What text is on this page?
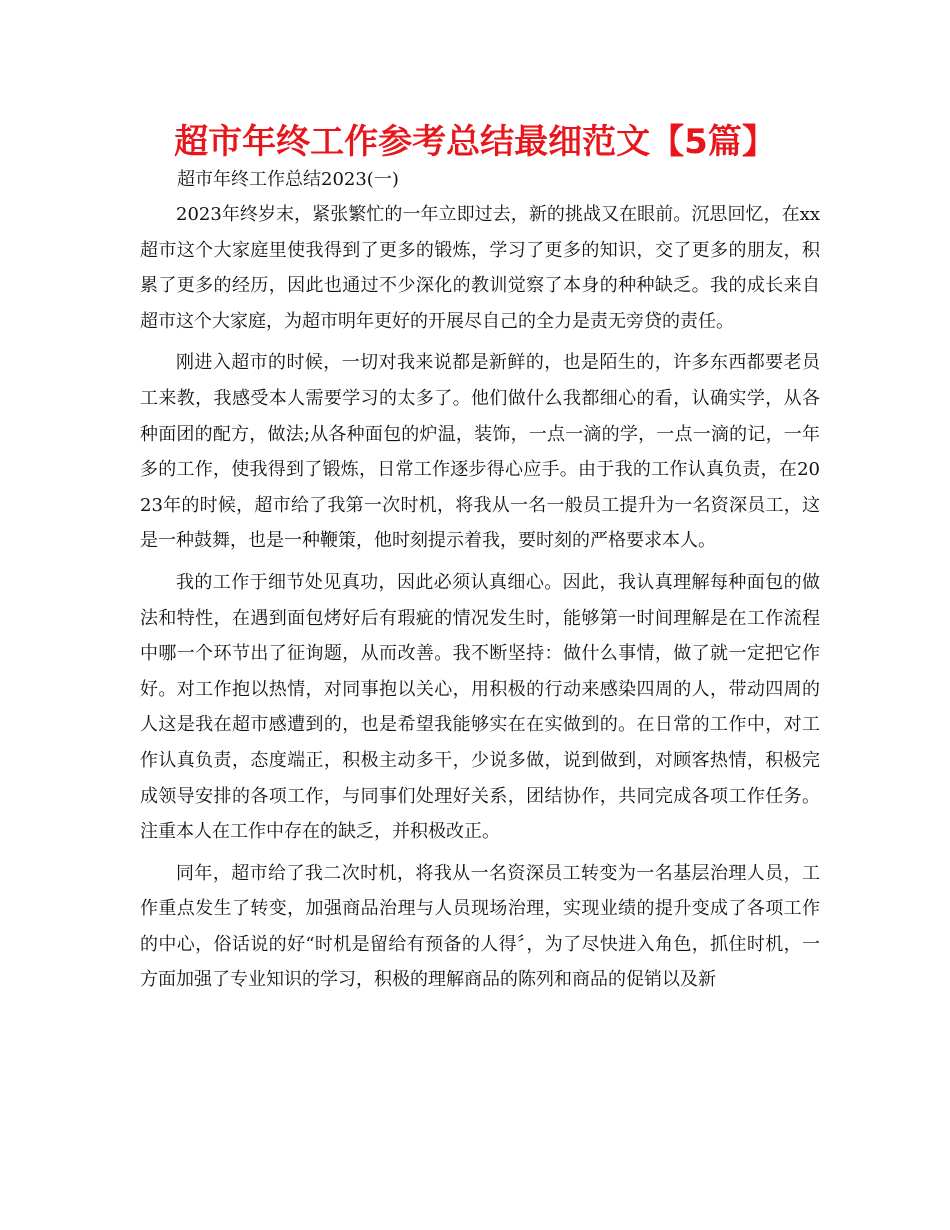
超市年终工作参考总结最细范文【5篇】

超市年终工作总结2023(一)

2023年终岁末，紧张繁忙的一年立即过去，新的挑战又在眼前。沉思回忆，在xx超市这个大家庭里使我得到了更多的锻炼，学习了更多的知识，交了更多的朋友，积累了更多的经历，因此也通过不少深化的教训觉察了本身的种种缺乏。我的成长来自超市这个大家庭，为超市明年更好的开展尽自己的全力是责无旁贷的责任。

刚进入超市的时候，一切对我来说都是新鲜的，也是陌生的，许多东西都要老员工来教，我感受本人需要学习的太多了。他们做什么我都细心的看，认确实学，从各种面团的配方，做法;从各种面包的炉温，装饰，一点一滴的学，一点一滴的记，一年多的工作，使我得到了锻炼，日常工作逐步得心应手。由于我的工作认真负责，在2023年的时候，超市给了我第一次时机，将我从一名一般员工提升为一名资深员工，这是一种鼓舞，也是一种鞭策，他时刻提示着我，要时刻的严格要求本人。

我的工作于细节处见真功，因此必须认真细心。因此，我认真理解每种面包的做法和特性，在遇到面包烤好后有瑕疵的情况发生时，能够第一时间理解是在工作流程中哪一个环节出了征询题，从而改善。我不断坚持：做什么事情，做了就一定把它作好。对工作抱以热情，对同事抱以关心，用积极的行动来感染四周的人，带动四周的人这是我在超市感遭到的，也是希望我能够实在在实做到的。在日常的工作中，对工作认真负责，态度端正，积极主动多干，少说多做，说到做到，对顾客热情，积极完成领导安排的各项工作，与同事们处理好关系，团结协作，共同完成各项工作任务。注重本人在工作中存在的缺乏，并积极改正。

同年，超市给了我二次时机，将我从一名资深员工转变为一名基层治理人员，工作重点发生了转变，加强商品治理与人员现场治理，实现业绩的提升变成了各项工作的中心，俗话说的好“时机是留给有预备的人得〞，为了尽快进入角色，抓住时机，一方面加强了专业知识的学习，积极的理解商品的陈列和商品的促销以及新
